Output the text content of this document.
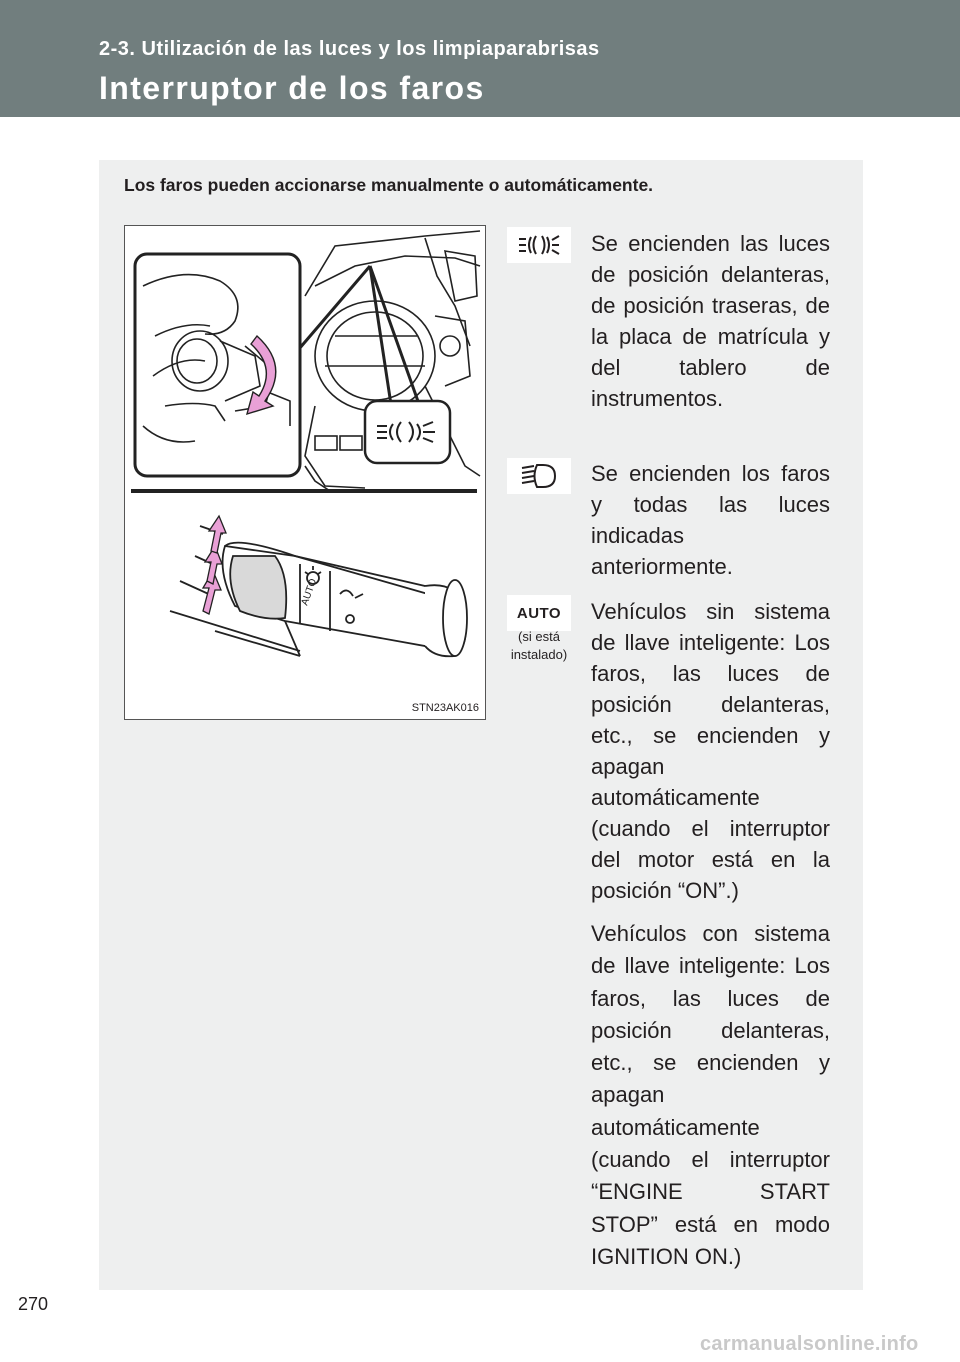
2-3. Utilización de las luces y los limpiaparabrisas
Interruptor de los faros
Los faros pueden accionarse manualmente o automáticamente.
AUTO
STN23AK016
Se encienden las luces de posición delanteras, de posición traseras, de la placa de matrícula y del tablero de instrumentos.
Se encienden los faros y todas las luces indicadas anteriormente.
AUTO
(si está instalado)
Vehículos sin sistema de llave inteligente: Los faros, las luces de posición delanteras, etc., se encienden y apagan automáticamente (cuando el interruptor del motor está en la posición “ON”.)
Vehículos con sistema de llave inteligente: Los faros, las luces de posición delanteras, etc., se encienden y apagan automáticamente (cuando el interruptor “ENGINE START STOP” está en modo IGNITION ON.)
270
carmanualsonline.info
